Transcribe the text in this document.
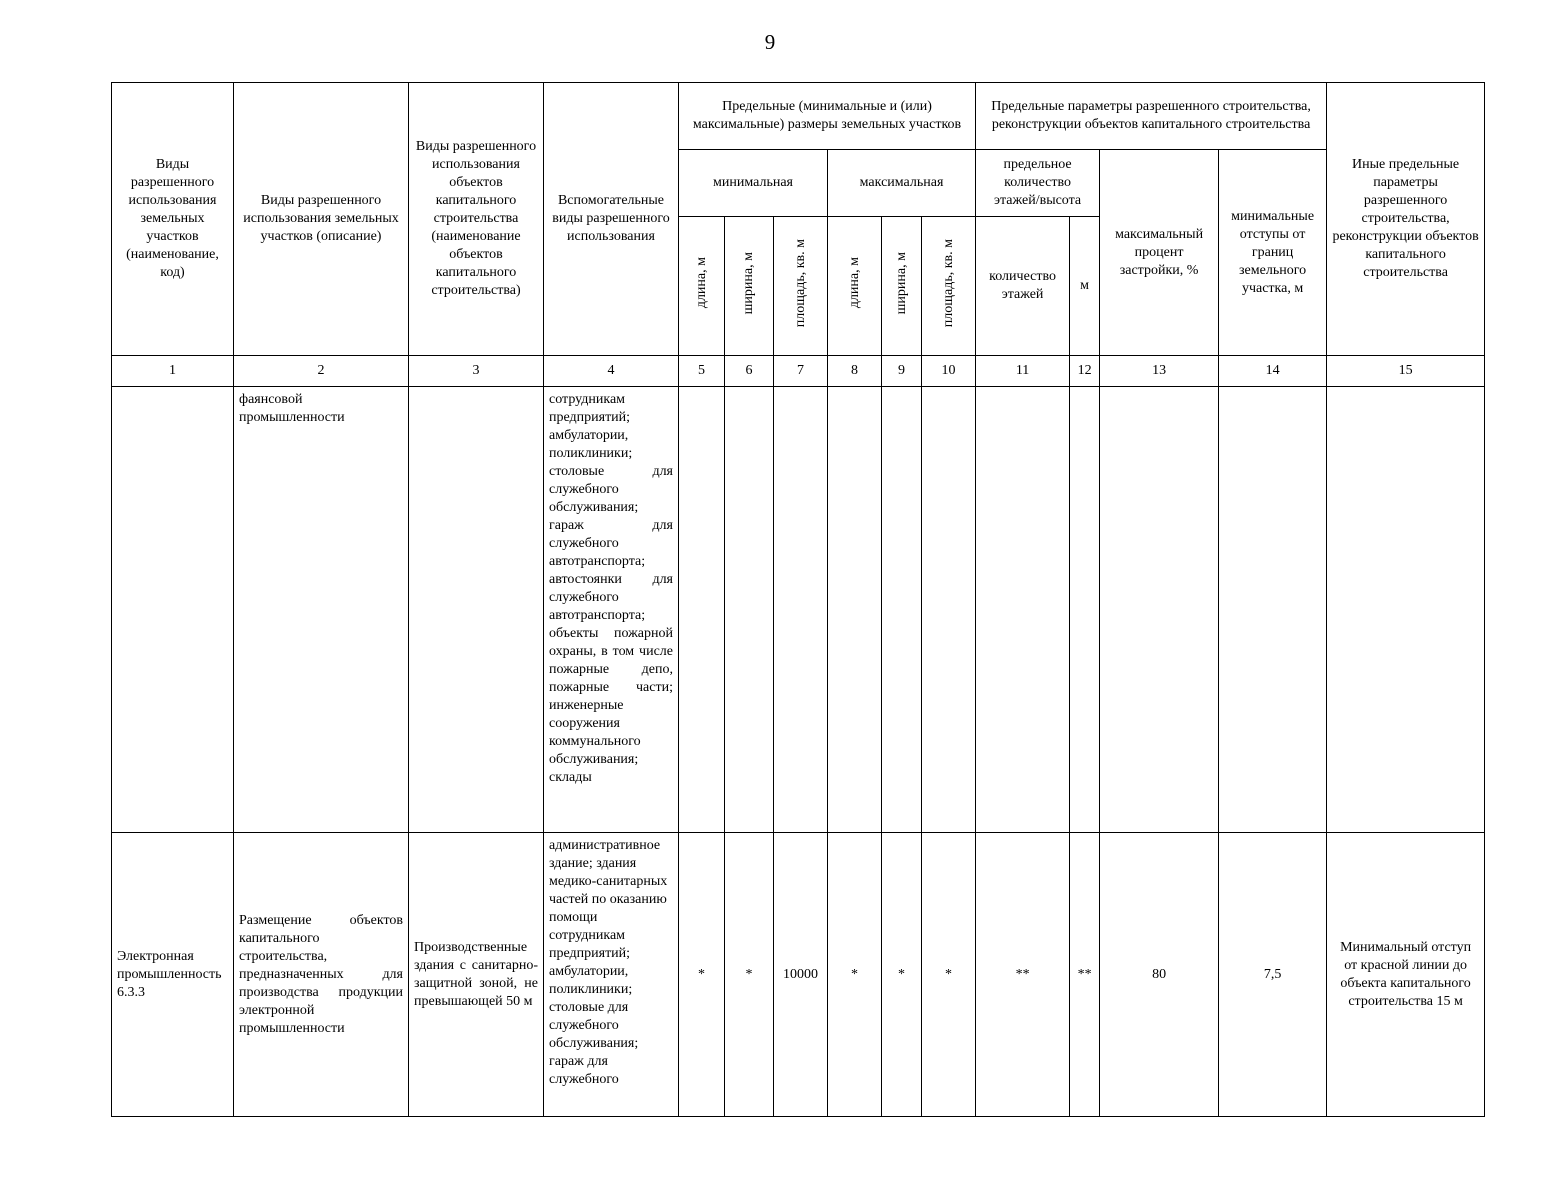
9
Виды разрешенного использования земельных участков (наименование, код)	Виды разрешенного использования земельных участков (описание)	Виды разрешенного использования объектов капитального строительства (наименование объектов капитального строительства)	Вспомогательные виды разрешенного использования	Предельные (минимальные и (или) максимальные) размеры земельных участков						Предельные параметры разрешенного строительства, реконструкции объектов капитального строительства				Иные предельные параметры разрешенного строительства, реконструкции объектов капитального строительства
				минимальная			максимальная			предельное количество этажей/высота		максимальный процент застройки, %	минимальные отступы от границ земельного участка, м	

				длина, м	ширина, м	площадь, кв. м	длина, м	ширина, м	площадь, кв. м	количество этажей	м			
1	2	3	4	5	6	7	8	9	10	11	12	13	14	15
	фаянсовой промышленности		сотрудникам предприятий; амбулатории, поликлиники; столовые для служебного обслуживания; гараж для служебного автотранспорта; автостоянки для служебного автотранспорта; объекты пожарной охраны, в том числе пожарные депо, пожарные части; инженерные сооружения коммунального обслуживания; склады											
Электронная промышленность 6.3.3	Размещение объектов капитального строительства, предназначенных для производства продукции электронной промышленности	Производственные здания с санитарно-защитной зоной, не превышающей 50 м	административное здание; здания медико-санитарных частей по оказанию помощи сотрудникам предприятий; амбулатории, поликлиники; столовые для служебного обслуживания; гараж для служебного	*	*	10000	*	*	*	**	**	80	7,5	Минимальный отступ от красной линии до объекта капитального строительства 15 м
